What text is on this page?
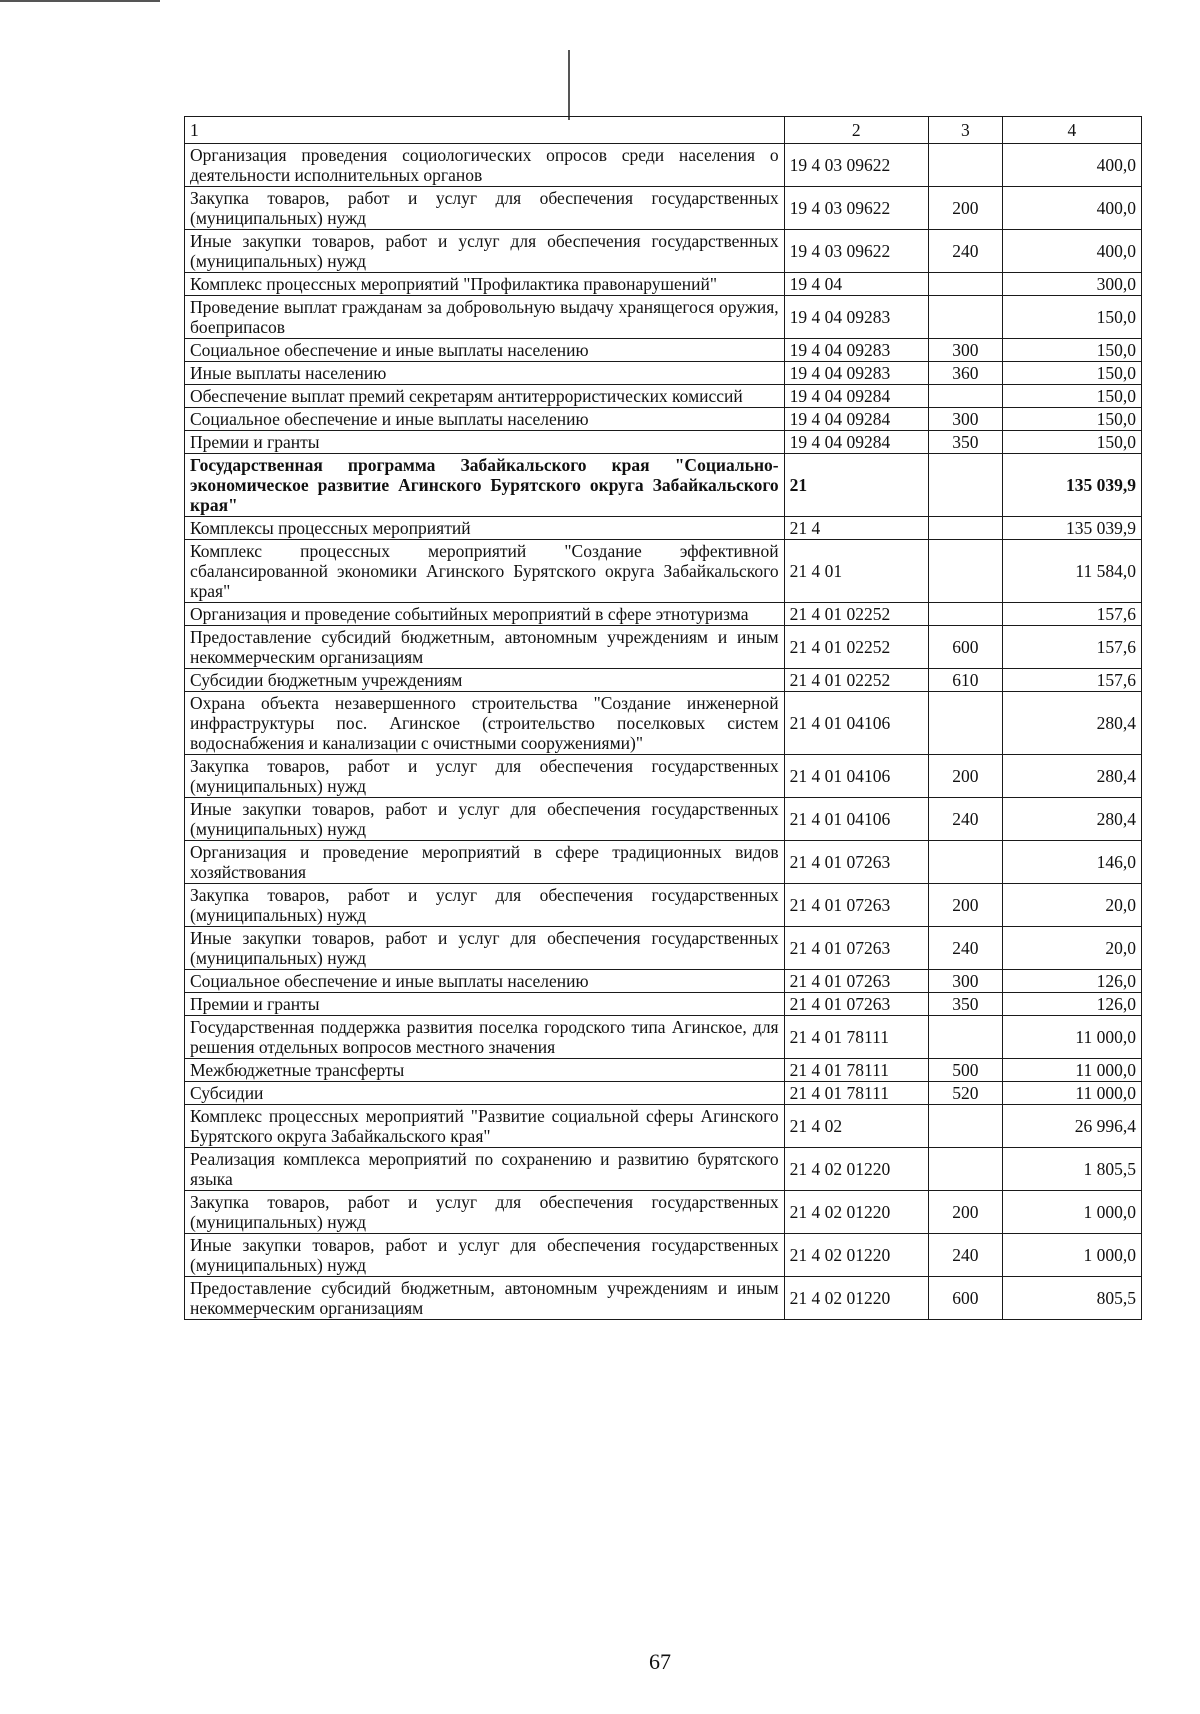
1	2	3	4
Организация проведения социологических опросов среди населения о деятельности исполнительных органов	19 4 03 09622		400,0
Закупка товаров, работ и услуг для обеспечения государственных (муниципальных) нужд	19 4 03 09622	200	400,0
Иные закупки товаров, работ и услуг для обеспечения государственных (муниципальных) нужд	19 4 03 09622	240	400,0
Комплекс процессных мероприятий "Профилактика правонарушений"	19 4 04		300,0
Проведение выплат гражданам за добровольную выдачу хранящегося оружия, боеприпасов	19 4 04 09283		150,0
Социальное обеспечение и иные выплаты населению	19 4 04 09283	300	150,0
Иные выплаты населению	19 4 04 09283	360	150,0
Обеспечение выплат премий секретарям антитеррористических комиссий	19 4 04 09284		150,0
Социальное обеспечение и иные выплаты населению	19 4 04 09284	300	150,0
Премии и гранты	19 4 04 09284	350	150,0
Государственная программа Забайкальского края "Социально-экономическое развитие Агинского Бурятского округа Забайкальского края"	21		135 039,9
Комплексы процессных мероприятий	21 4		135 039,9
Комплекс процессных мероприятий "Создание эффективной сбалансированной экономики Агинского Бурятского округа Забайкальского края"	21 4 01		11 584,0
Организация и проведение событийных мероприятий в сфере этнотуризма	21 4 01 02252		157,6
Предоставление субсидий бюджетным, автономным учреждениям и иным некоммерческим организациям	21 4 01 02252	600	157,6
Субсидии бюджетным учреждениям	21 4 01 02252	610	157,6
Охрана объекта незавершенного строительства "Создание инженерной инфраструктуры пос. Агинское (строительство поселковых систем водоснабжения и канализации с очистными сооружениями)"	21 4 01 04106		280,4
Закупка товаров, работ и услуг для обеспечения государственных (муниципальных) нужд	21 4 01 04106	200	280,4
Иные закупки товаров, работ и услуг для обеспечения государственных (муниципальных) нужд	21 4 01 04106	240	280,4
Организация и проведение мероприятий в сфере традиционных видов хозяйствования	21 4 01 07263		146,0
Закупка товаров, работ и услуг для обеспечения государственных (муниципальных) нужд	21 4 01 07263	200	20,0
Иные закупки товаров, работ и услуг для обеспечения государственных (муниципальных) нужд	21 4 01 07263	240	20,0
Социальное обеспечение и иные выплаты населению	21 4 01 07263	300	126,0
Премии и гранты	21 4 01 07263	350	126,0
Государственная поддержка развития поселка городского типа Агинское, для решения отдельных вопросов местного значения	21 4 01 78111		11 000,0
Межбюджетные трансферты	21 4 01 78111	500	11 000,0
Субсидии	21 4 01 78111	520	11 000,0
Комплекс процессных мероприятий "Развитие социальной сферы Агинского Бурятского округа Забайкальского края"	21 4 02		26 996,4
Реализация комплекса мероприятий по сохранению и развитию бурятского языка	21 4 02 01220		1 805,5
Закупка товаров, работ и услуг для обеспечения государственных (муниципальных) нужд	21 4 02 01220	200	1 000,0
Иные закупки товаров, работ и услуг для обеспечения государственных (муниципальных) нужд	21 4 02 01220	240	1 000,0
Предоставление субсидий бюджетным, автономным учреждениям и иным некоммерческим организациям	21 4 02 01220	600	805,5
67
